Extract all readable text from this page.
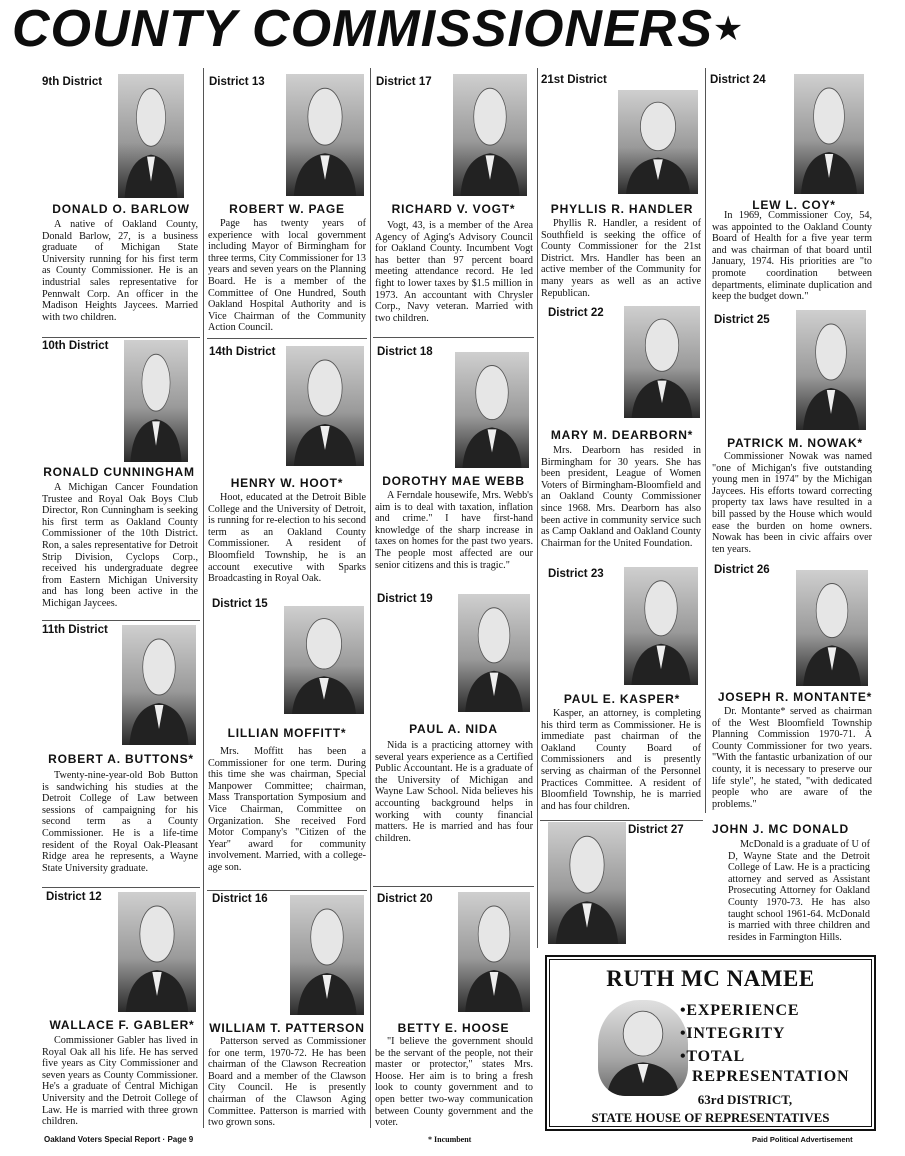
COUNTY COMMISSIONERS★
9th District
DONALD O. BARLOW
A native of Oakland County, Donald Barlow, 27, is a business graduate of Michigan State University running for his first term as County Commissioner. He is an industrial sales representative for Pennwalt Corp. An officer in the Madison Heights Jaycees. Married with two children.
10th District
RONALD CUNNINGHAM
A Michigan Cancer Foundation Trustee and Royal Oak Boys Club Director, Ron Cunningham is seeking his first term as Oakland County Commissioner of the 10th District. Ron, a sales representative for Detroit Strip Division, Cyclops Corp., received his undergraduate degree from Eastern Michigan University and has long been active in the Michigan Jaycees.
11th District
ROBERT A. BUTTONS*
Twenty-nine-year-old Bob Button is sandwiching his studies at the Detroit College of Law between sessions of campaigning for his second term as a County Commissioner. He is a life-time resident of the Royal Oak-Pleasant Ridge area he represents, a Wayne State University graduate.
District 12
WALLACE F. GABLER*
Commissioner Gabler has lived in Royal Oak all his life. He has served five years as City Commissioner and seven years as County Commissioner. He's a graduate of Central Michigan University and the Detroit College of Law. He is married with three grown children.
District 13
ROBERT W. PAGE
Page has twenty years of experience with local government including Mayor of Birmingham for three terms, City Commissioner for 13 years and seven years on the Planning Board. He is a member of the Committee of One Hundred, South Oakland Hospital Authority and is Vice Chairman of the Community Action Council.
14th District
HENRY W. HOOT*
Hoot, educated at the Detroit Bible College and the University of Detroit, is running for re-election to his second term as an Oakland County Commissioner. A resident of Bloomfield Township, he is an account executive with Sparks Broadcasting in Royal Oak.
District 15
LILLIAN MOFFITT*
Mrs. Moffitt has been a Commissioner for one term. During this time she was chairman, Special Manpower Committee; chairman, Mass Transportation Symposium and Vice Chairman, Committee on Organization. She received Ford Motor Company's "Citizen of the Year" award for community involvement. Married, with a college-age son.
District 16
WILLIAM T. PATTERSON
Patterson served as Commissioner for one term, 1970-72. He has been chairman of the Clawson Recreation Board and a member of the Clawson City Council. He is presently chairman of the Clawson Aging Committee. Patterson is married with two grown sons.
District 17
RICHARD V. VOGT*
Vogt, 43, is a member of the Area Agency of Aging's Advisory Council for Oakland County. Incumbent Vogt has better than 97 percent board meeting attendance record. He led fight to lower taxes by $1.5 million in 1973. An accountant with Chrysler Corp., Navy veteran. Married with two children.
District 18
DOROTHY MAE WEBB
A Ferndale housewife, Mrs. Webb's aim is to deal with taxation, inflation and crime." I have first-hand knowledge of the sharp increase in taxes on homes for the past two years. The people most affected are our senior citizens and this is tragic."
District 19
PAUL A. NIDA
Nida is a practicing attorney with several years experience as a Certified Public Accountant. He is a graduate of the University of Michigan and Wayne Law School. Nida believes his accounting background helps in working with county financial matters. He is married and has four children.
District 20
BETTY E. HOOSE
"I believe the government should be the servant of the people, not their master or protector," states Mrs. Hoose. Her aim is to bring a fresh look to county government and to open better two-way communication between County government and the voter.
21st District
PHYLLIS R. HANDLER
Phyllis R. Handler, a resident of Southfield is seeking the office of County Commissioner for the 21st District. Mrs. Handler has been an active member of the Community for many years as well as an active Republican.
District 22
MARY M. DEARBORN*
Mrs. Dearborn has resided in Birmingham for 30 years. She has been president, League of Women Voters of Birmingham-Bloomfield and an Oakland County Commissioner since 1968. Mrs. Dearborn has also been active in community service such as Camp Oakland and Oakland County Chairman for the United Foundation.
District 23
PAUL E. KASPER*
Kasper, an attorney, is completing his third term as Commissioner. He is immediate past chairman of the Oakland County Board of Commissioners and is presently serving as chairman of the Personnel Practices Committee. A resident of Bloomfield Township, he is married and has four children.
District 27 JOHN J. MC DONALD
McDonald is a graduate of U of D, Wayne State and the Detroit College of Law. He is a practicing attorney and served as Assistant Prosecuting Attorney for Oakland County 1970-73. He has also taught school 1961-64. McDonald is married with three children and resides in Farmington Hills.
District 24
LEW L. COY*
In 1969, Commissioner Coy, 54, was appointed to the Oakland County Board of Health for a five year term and was chairman of that board until January, 1974. His priorities are "to promote coordination between departments, eliminate duplication and keep the budget down."
District 25
PATRICK M. NOWAK*
Commissioner Nowak was named "one of Michigan's five outstanding young men in 1974" by the Michigan Jaycees. His efforts toward correcting property tax laws have resulted in a bill passed by the House which would ease the burden on home owners. Nowak has been in civic affairs over ten years.
District 26
JOSEPH R. MONTANTE*
Dr. Montante* served as chairman of the West Bloomfield Township Planning Commission 1970-71. A County Commissioner for two years. "With the fantastic urbanization of our county, it is necessary to preserve our life style", he stated, "with dedicated people who are aware of the problems."
RUTH MC NAMEE
•EXPERIENCE
•INTEGRITY
•TOTAL
REPRESENTATION
63rd DISTRICT,
STATE HOUSE OF REPRESENTATIVES
Oakland Voters Special Report · Page 9	* Incumbent	Paid Political Advertisement
